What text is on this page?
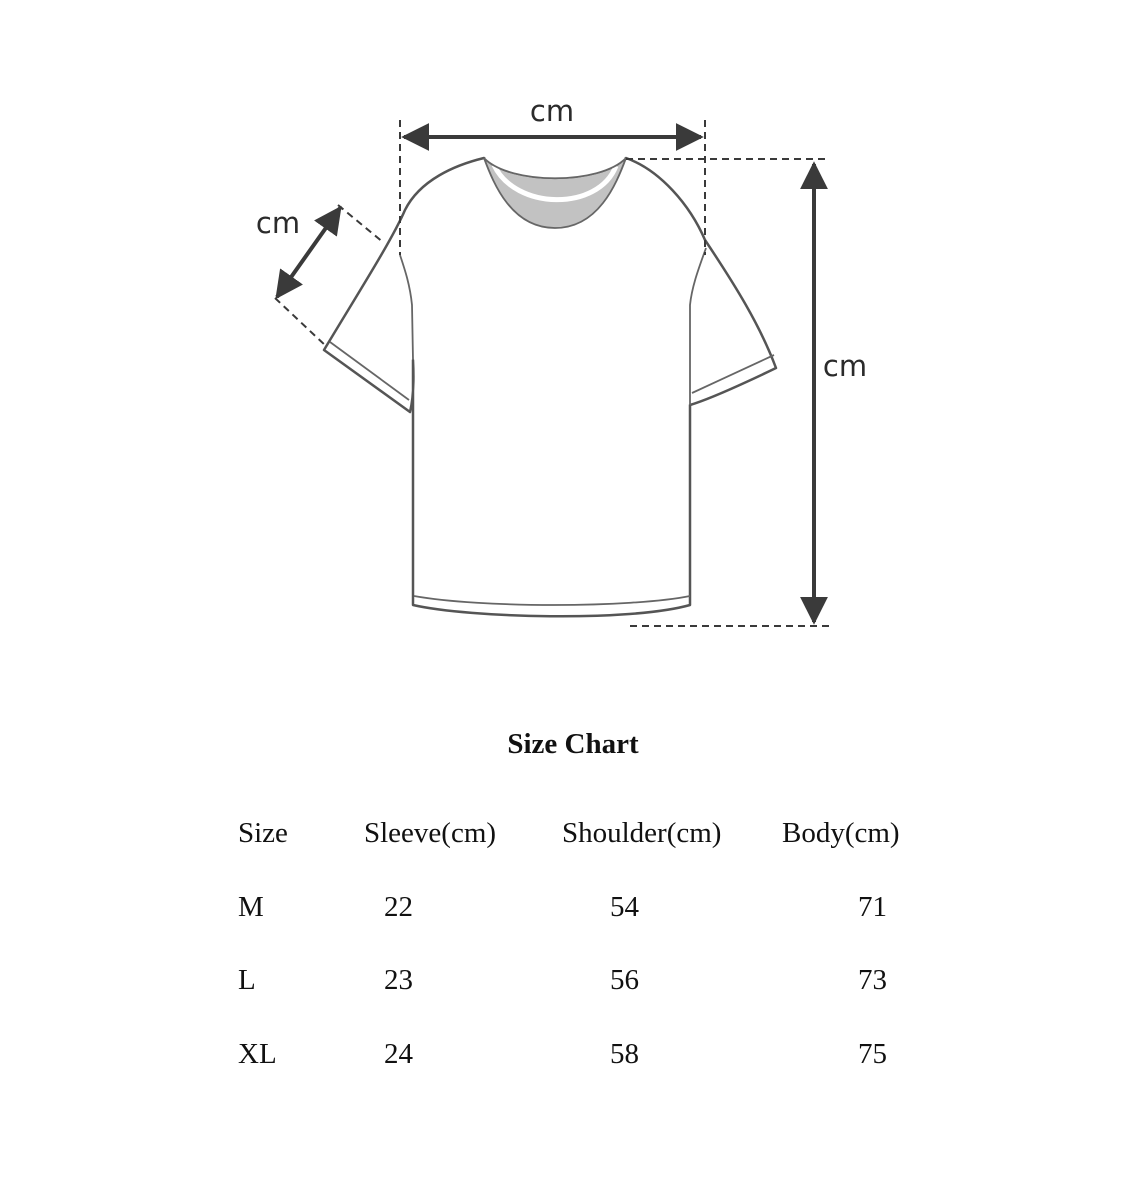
cm
cm
cm
Size Chart
Size	Sleeve(cm)	Shoulder(cm)	Body(cm)
M	22	54	71
L	23	56	73
XL	24	58	75
